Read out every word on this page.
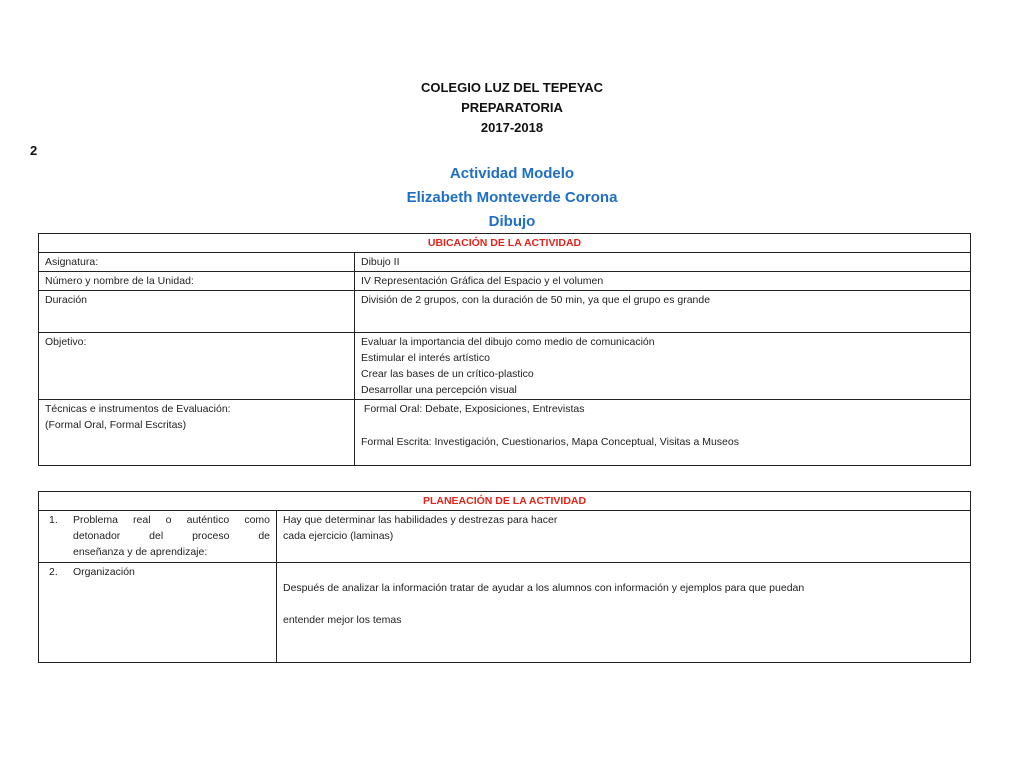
COLEGIO LUZ DEL TEPEYAC
PREPARATORIA
2017-2018
2
Actividad Modelo
Elizabeth Monteverde Corona
Dibujo
UBICACIÓN DE LA ACTIVIDAD	
Asignatura:	Dibujo II
Número y nombre de la Unidad:	IV Representación Gráfica del Espacio y el volumen
Duración	División de 2 grupos, con la duración de 50 min, ya que el grupo es grande
Objetivo:	Evaluar la importancia del dibujo como medio de comunicación
Estimular el interés artístico
Crear las bases de un crítico-plastico
Desarrollar una percepción visual

Técnicas e instrumentos de Evaluación:
(Formal Oral, Formal Escritas)	Formal Oral: Debate, Exposiciones, Entrevistas
Formal Escrita: Investigación, Cuestionarios, Mapa Conceptual, Visitas a Museos
PLANEACIÓN DE LA ACTIVIDAD	

1. Problema real o auténtico como
detonador del proceso de
enseñanza y de aprendizaje:	Hay que determinar las habilidades y destrezas para hacer
cada ejercicio (laminas)

2. Organización	Después de analizar la información tratar de ayudar a los alumnos con información y ejemplos para que puedan
entender mejor los temas
